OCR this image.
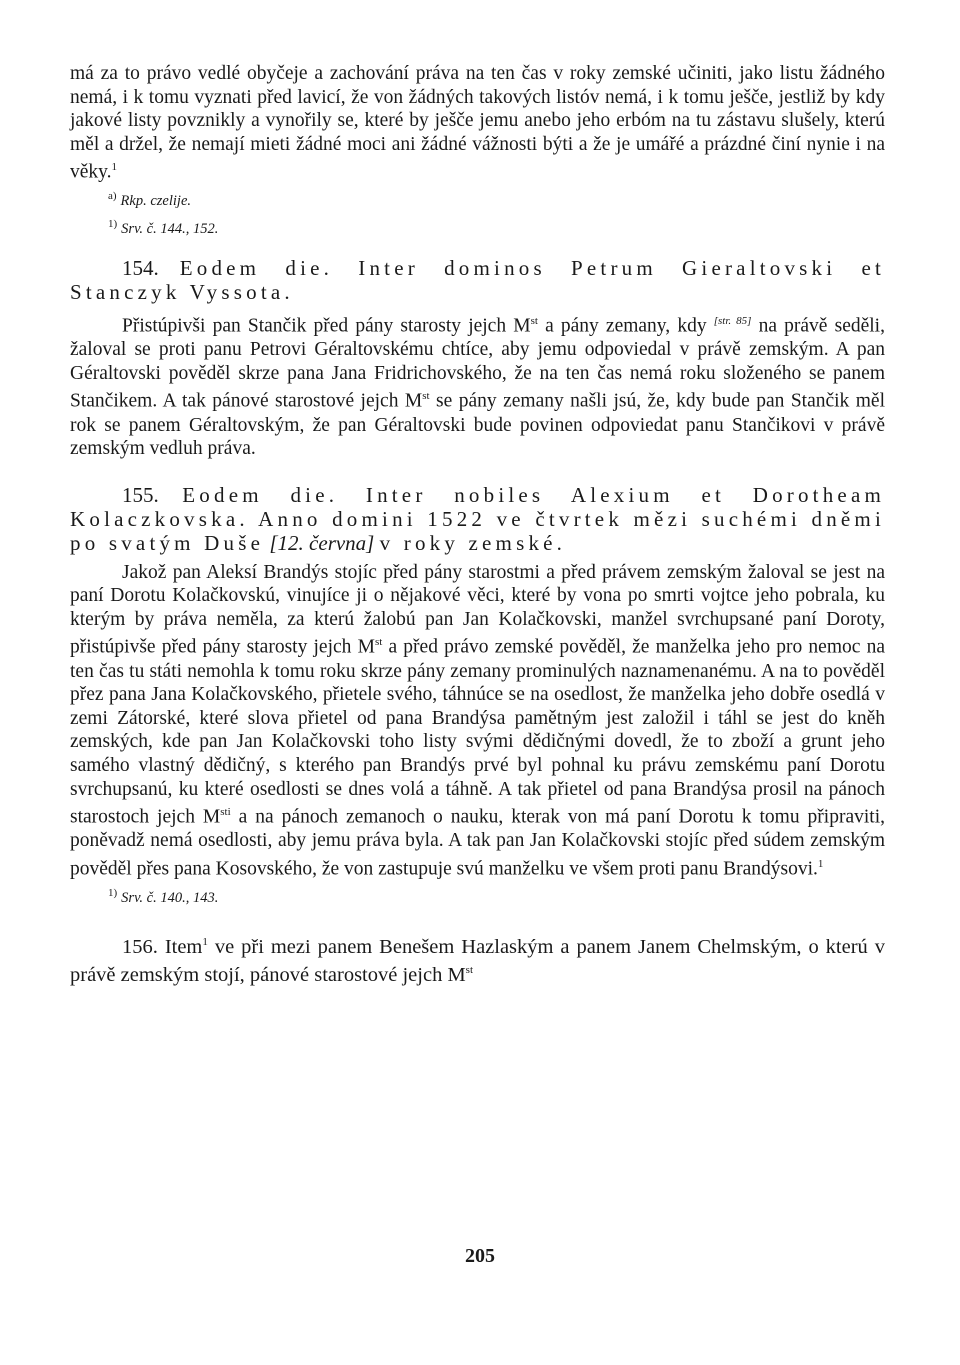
má za to právo vedlé obyčeje a zachování práva na ten čas v roky zemské učiniti, jako listu žádného nemá, i k tomu vyznati před lavicí, že von žádných takových listóv nemá, i k tomu ješče, jestliž by kdy jakové listy povznikly a vynořily se, které by ješče jemu anebo jeho erbóm na tu zástavu slušely, kterú měl a držel, že nemají mieti žádné moci ani žádné vážnosti býti a že je umářé a prázdné činí nynie i na věky.$^1$

$^{a)}$ Rkp. czelije.
$^{1)}$ Srv. č. 144., 152.

154. Eodem die. Inter dominos Petrum Gieraltovski et Stanczyk Vyssota.

Přistúpivši pan Stančik před pány starosty jejch Mst a pány zemany, kdy [str. 85] na právě seděli, žaloval se proti panu Petrovi Géraltovskému chtíce, aby jemu odpoviedal v právě zemským. A pan Géraltovski pověděl skrze pana Jana Fridrichovského, že na ten čas nemá roku složeného se panem Stančikem. A tak pánové starostové jejch Mst se pány zemany našli jsú, že, kdy bude pan Stančik měl rok se panem Géraltovským, že pan Géraltovski bude povinen odpoviedat panu Stančikovi v právě zemským vedluh práva.

155. Eodem die. Inter nobiles Alexium et Dorotheam Kolaczkovska. Anno domini 1522 ve čtvrtek mězi suchémi dněmi po svatým Duše [12. června] v roky zemské.

Jakož pan Aleksí Brandýs stojíc před pány starostmi a před právem zemským žaloval se jest na paní Dorotu Kolačkovskú, vinujíce ji o nějakové věci, které by vona po smrti vojtce jeho pobrala, ku kterým by práva neměla, za kterú žalobú pan Jan Kolačkovski, manžel svrchupsané paní Doroty, přistúpivše před pány starosty jejch Mst a před právo zemské pověděl, že manželka jeho pro nemoc na ten čas tu státi nemohla k tomu roku skrze pány zemany prominulých naznamenanému. A na to pověděl přez pana Jana Kolačkovského, přietele svého, táhnúce se na osedlost, že manželka jeho dobře osedlá v zemi Zátorské, které slova přietel od pana Brandýsa pamětným jest založil i táhl se jest do kněh zemských, kde pan Jan Kolačkovski toho listy svými dědičnými dovedl, že to zboží a grunt jeho samého vlastný dědičný, s kterého pan Brandýs prvé byl pohnal ku právu zemskému paní Dorotu svrchupsanú, ku které osedlosti se dnes volá a táhně. A tak přietel od pana Brandýsa prosil na pánoch starostoch jejch $M^{sti}$ a na pánoch zemanoch o nauku, kterak von má paní Dorotu k tomu připraviti, poněvadž nemá osedlosti, aby jemu práva byla. A tak pan Jan Kolačkovski stojíc před súdem zemským pověděl přes pana Kosovského, že von zastupuje svú manželku ve všem proti panu Brandýsovi.$^1$

$^{1)}$ Srv. č. 140., 143.

156. Item$^1$ ve při mezi panem Benešem Hazlaským a panem Janem Chelmským, o kterú v právě zemským stojí, pánové starostové jejch Mst

205
